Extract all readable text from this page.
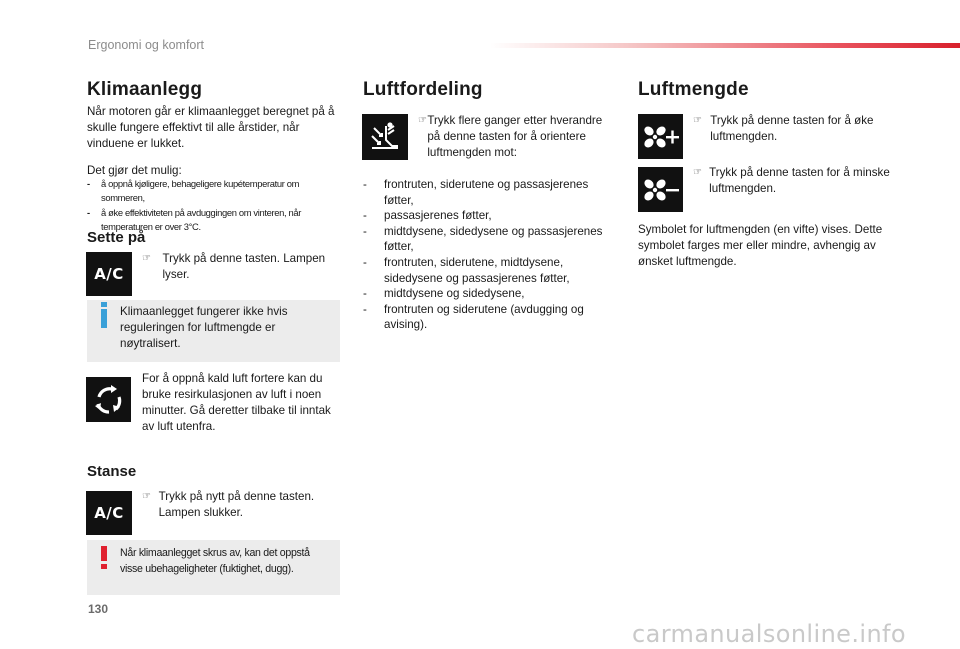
Ergonomi og komfort
Klimaanlegg

Når motoren går er klimaanlegget beregnet på å skulle fungere effektivt til alle årstider, når vinduene er lukket.

Det gjør det mulig:

-	å oppnå kjøligere, behageligere kupétemperatur om sommeren,
-	å øke effektiviteten på avduggingen om vinteren, når temperaturen er over 3°C.
Sette på
A/C
☞ Trykk på denne tasten. Lampen lyser.

Klimaanlegget fungerer ikke hvis reguleringen for luftmengde er nøytralisert.

For å oppnå kald luft fortere kan du bruke resirkulasjonen av luft i noen minutter. Gå deretter tilbake til inntak av luft utenfra.

Stanse
A/C
☞ Trykk på nytt på denne tasten. Lampen slukker.

Når klimaanlegget skrus av, kan det oppstå visse ubehageligheter (fuktighet, dugg).

Luftfordeling
☞ Trykk flere ganger etter hverandre på denne tasten for å orientere luftmengden mot:
-	frontruten, siderutene og passasjerenes føtter,
-	passasjerenes føtter,
-	midtdysene, sidedysene og passasjerenes føtter,
-	frontruten, siderutene, midtdysene, sidedysene og passasjerenes føtter,
-	midtdysene og sidedysene,
-	frontruten og siderutene (avdugging og avising).
Luftmengde
☞ Trykk på denne tasten for å øke luftmengden.
☞ Trykk på denne tasten for å minske luftmengden.

Symbolet for luftmengden (en vifte) vises. Dette symbolet farges mer eller mindre, avhengig av ønsket luftmengde.

130
carmanualsonline.info
